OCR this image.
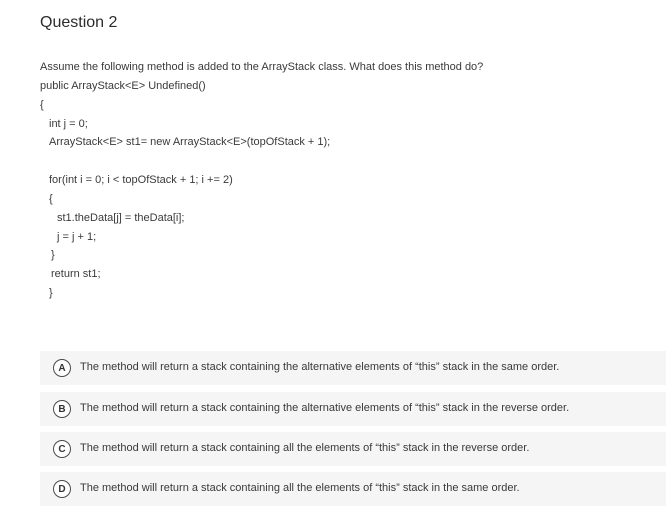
Question 2
Assume the following method is added to the ArrayStack class. What does this method do?
public ArrayStack<E> Undefined()
{
int j = 0;
ArrayStack<E> st1= new ArrayStack<E>(topOfStack + 1);
for(int i = 0; i < topOfStack + 1; i += 2)
{
st1.theData[j] = theData[i];
j = j + 1;
}
return st1;
}
A	The method will return a stack containing the alternative elements of “this” stack in the same order.
B	The method will return a stack containing the alternative elements of “this” stack in the reverse order.
C	The method will return a stack containing all the elements of “this” stack in the reverse order.
D	The method will return a stack containing all the elements of “this” stack in the same order.
